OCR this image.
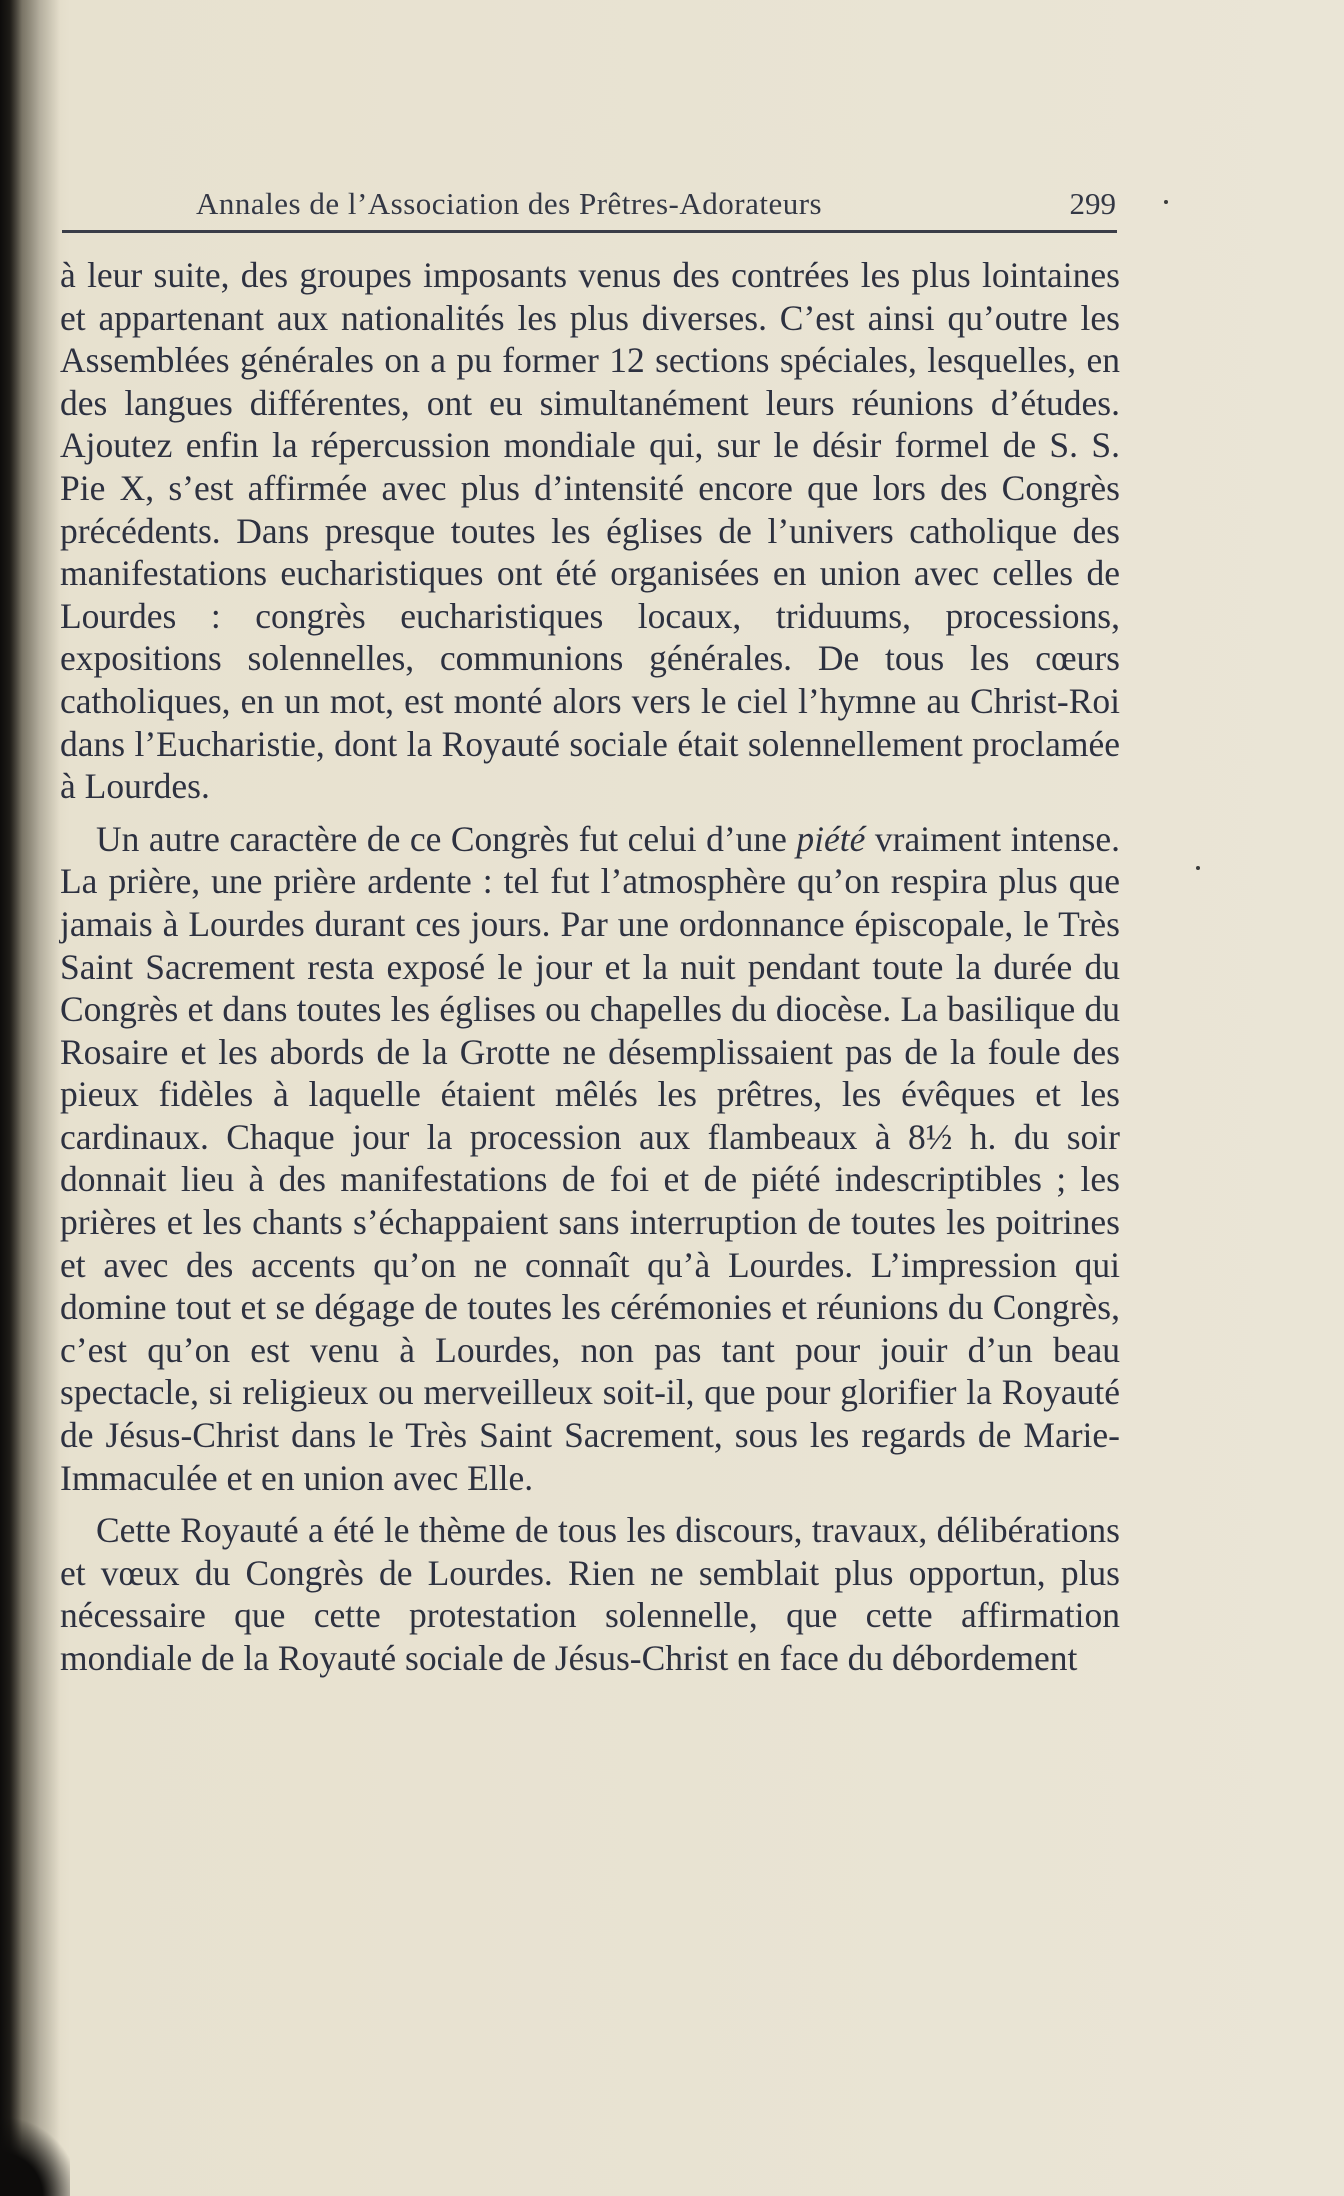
Annales de l’Association des Prêtres-Adorateurs	299

à leur suite, des groupes imposants venus des contrées les plus lointaines et appartenant aux nationalités les plus diverses. C’est ainsi qu’outre les Assemblées générales on a pu former 12 sections spéciales, lesquelles, en des langues différentes, ont eu simultanément leurs réunions d’études. Ajoutez enfin la répercussion mondiale qui, sur le désir formel de S. S. Pie X, s’est affirmée avec plus d’intensité encore que lors des Congrès précédents. Dans presque toutes les églises de l’univers catholique des manifestations eucharistiques ont été organisées en union avec celles de Lourdes : congrès eucharistiques locaux, triduums, processions, expositions solennelles, communions générales. De tous les cœurs catholiques, en un mot, est monté alors vers le ciel l’hymne au Christ-Roi dans l’Eucharistie, dont la Royauté sociale était solennellement proclamée à Lourdes.

Un autre caractère de ce Congrès fut celui d’une piété vraiment intense. La prière, une prière ardente : tel fut l’atmosphère qu’on respira plus que jamais à Lourdes durant ces jours. Par une ordonnance épiscopale, le Très Saint Sacrement resta exposé le jour et la nuit pendant toute la durée du Congrès et dans toutes les églises ou chapelles du diocèse. La basilique du Rosaire et les abords de la Grotte ne désemplissaient pas de la foule des pieux fidèles à laquelle étaient mêlés les prêtres, les évêques et les cardinaux. Chaque jour la procession aux flambeaux à 8½ h. du soir donnait lieu à des manifestations de foi et de piété indescriptibles ; les prières et les chants s’échappaient sans interruption de toutes les poitrines et avec des accents qu’on ne connaît qu’à Lourdes. L’impression qui domine tout et se dégage de toutes les cérémonies et réunions du Congrès, c’est qu’on est venu à Lourdes, non pas tant pour jouir d’un beau spectacle, si religieux ou merveilleux soit-il, que pour glorifier la Royauté de Jésus-Christ dans le Très Saint Sacrement, sous les regards de Marie-Immaculée et en union avec Elle.

Cette Royauté a été le thème de tous les discours, travaux, délibérations et vœux du Congrès de Lourdes. Rien ne semblait plus opportun, plus nécessaire que cette protestation solennelle, que cette affirmation mondiale de la Royauté sociale de Jésus-Christ en face du débordement
